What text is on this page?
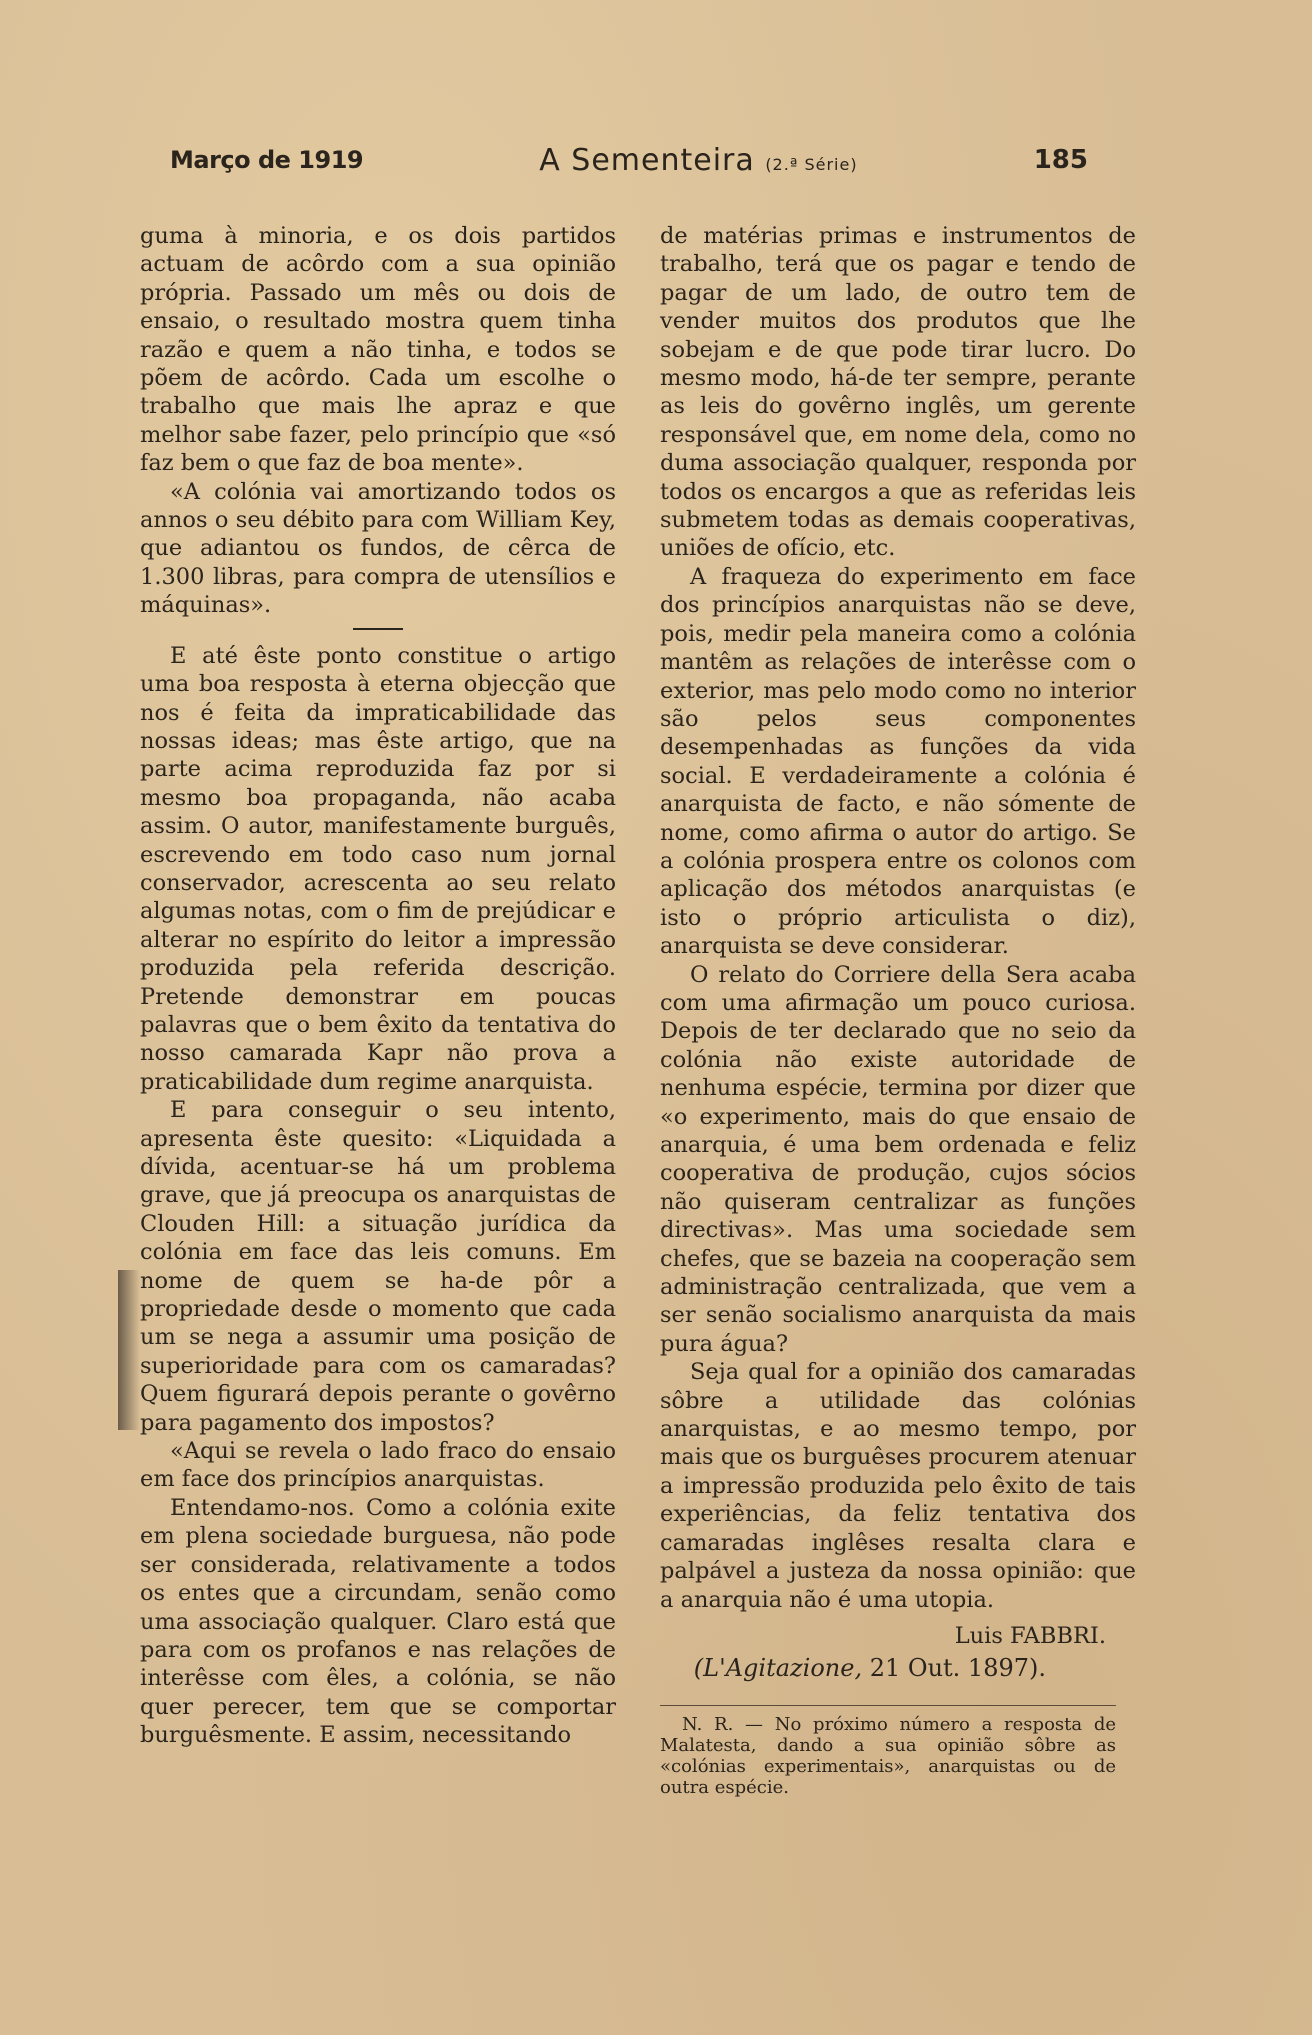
Março de 1919	A Sementeira (2.ª Série)	185

guma à minoria, e os dois partidos actuam de acôrdo com a sua opinião própria. Passado um mês ou dois de ensaio, o resultado mostra quem tinha razão e quem a não tinha, e todos se põem de acôrdo. Cada um escolhe o trabalho que mais lhe apraz e que melhor sabe fazer, pelo princípio que «só faz bem o que faz de boa mente».

«A colónia vai amortizando todos os annos o seu débito para com William Key, que adiantou os fundos, de cêrca de 1.300 libras, para compra de utensílios e máquinas».

E até êste ponto constitue o artigo uma boa resposta à eterna objecção que nos é feita da impraticabilidade das nossas ideas; mas êste artigo, que na parte acima reproduzida faz por si mesmo boa propaganda, não acaba assim. O autor, manifestamente burguês, escrevendo em todo caso num jornal conservador, acrescenta ao seu relato algumas notas, com o fim de prejúdicar e alterar no espírito do leitor a impressão produzida pela referida descrição. Pretende demonstrar em poucas palavras que o bem êxito da tentativa do nosso camarada Kapr não prova a praticabilidade dum regime anarquista.

E para conseguir o seu intento, apresenta êste quesito: «Liquidada a dívida, acentuar-se há um problema grave, que já preocupa os anarquistas de Clouden Hill: a situação jurídica da colónia em face das leis comuns. Em nome de quem se ha-de pôr a propriedade desde o momento que cada um se nega a assumir uma posição de superioridade para com os camaradas? Quem figurará depois perante o govêrno para pagamento dos impostos?

«Aqui se revela o lado fraco do ensaio em face dos princípios anarquistas.

Entendamo-nos. Como a colónia exite em plena sociedade burguesa, não pode ser considerada, relativamente a todos os entes que a circundam, senão como uma associação qualquer. Claro está que para com os profanos e nas relações de interêsse com êles, a colónia, se não quer perecer, tem que se comportar burguêsmente. E assim, necessitando

de matérias primas e instrumentos de trabalho, terá que os pagar e tendo de pagar de um lado, de outro tem de vender muitos dos produtos que lhe sobejam e de que pode tirar lucro. Do mesmo modo, há-de ter sempre, perante as leis do govêrno inglês, um gerente responsável que, em nome dela, como no duma associação qualquer, responda por todos os encargos a que as referidas leis submetem todas as demais cooperativas, uniões de ofício, etc.

A fraqueza do experimento em face dos princípios anarquistas não se deve, pois, medir pela maneira como a colónia mantêm as relações de interêsse com o exterior, mas pelo modo como no interior são pelos seus componentes desempenhadas as funções da vida social. E verdadeiramente a colónia é anarquista de facto, e não sómente de nome, como afirma o autor do artigo. Se a colónia prospera entre os colonos com aplicação dos métodos anarquistas (e isto o próprio articulista o diz), anarquista se deve considerar.

O relato do Corriere della Sera acaba com uma afirmação um pouco curiosa. Depois de ter declarado que no seio da colónia não existe autoridade de nenhuma espécie, termina por dizer que «o experimento, mais do que ensaio de anarquia, é uma bem ordenada e feliz cooperativa de produção, cujos sócios não quiseram centralizar as funções directivas». Mas uma sociedade sem chefes, que se bazeia na cooperação sem administração centralizada, que vem a ser senão socialismo anarquista da mais pura água?

Seja qual for a opinião dos camaradas sôbre a utilidade das colónias anarquistas, e ao mesmo tempo, por mais que os burguêses procurem atenuar a impressão produzida pelo êxito de tais experiências, da feliz tentativa dos camaradas inglêses resalta clara e palpável a justeza da nossa opinião: que a anarquia não é uma utopia.

Luis FABBRI.
(L'Agitazione, 21 Out. 1897).
N. R. — No próximo número a resposta de Malatesta, dando a sua opinião sôbre as «colónias experimentais», anarquistas ou de outra espécie.
